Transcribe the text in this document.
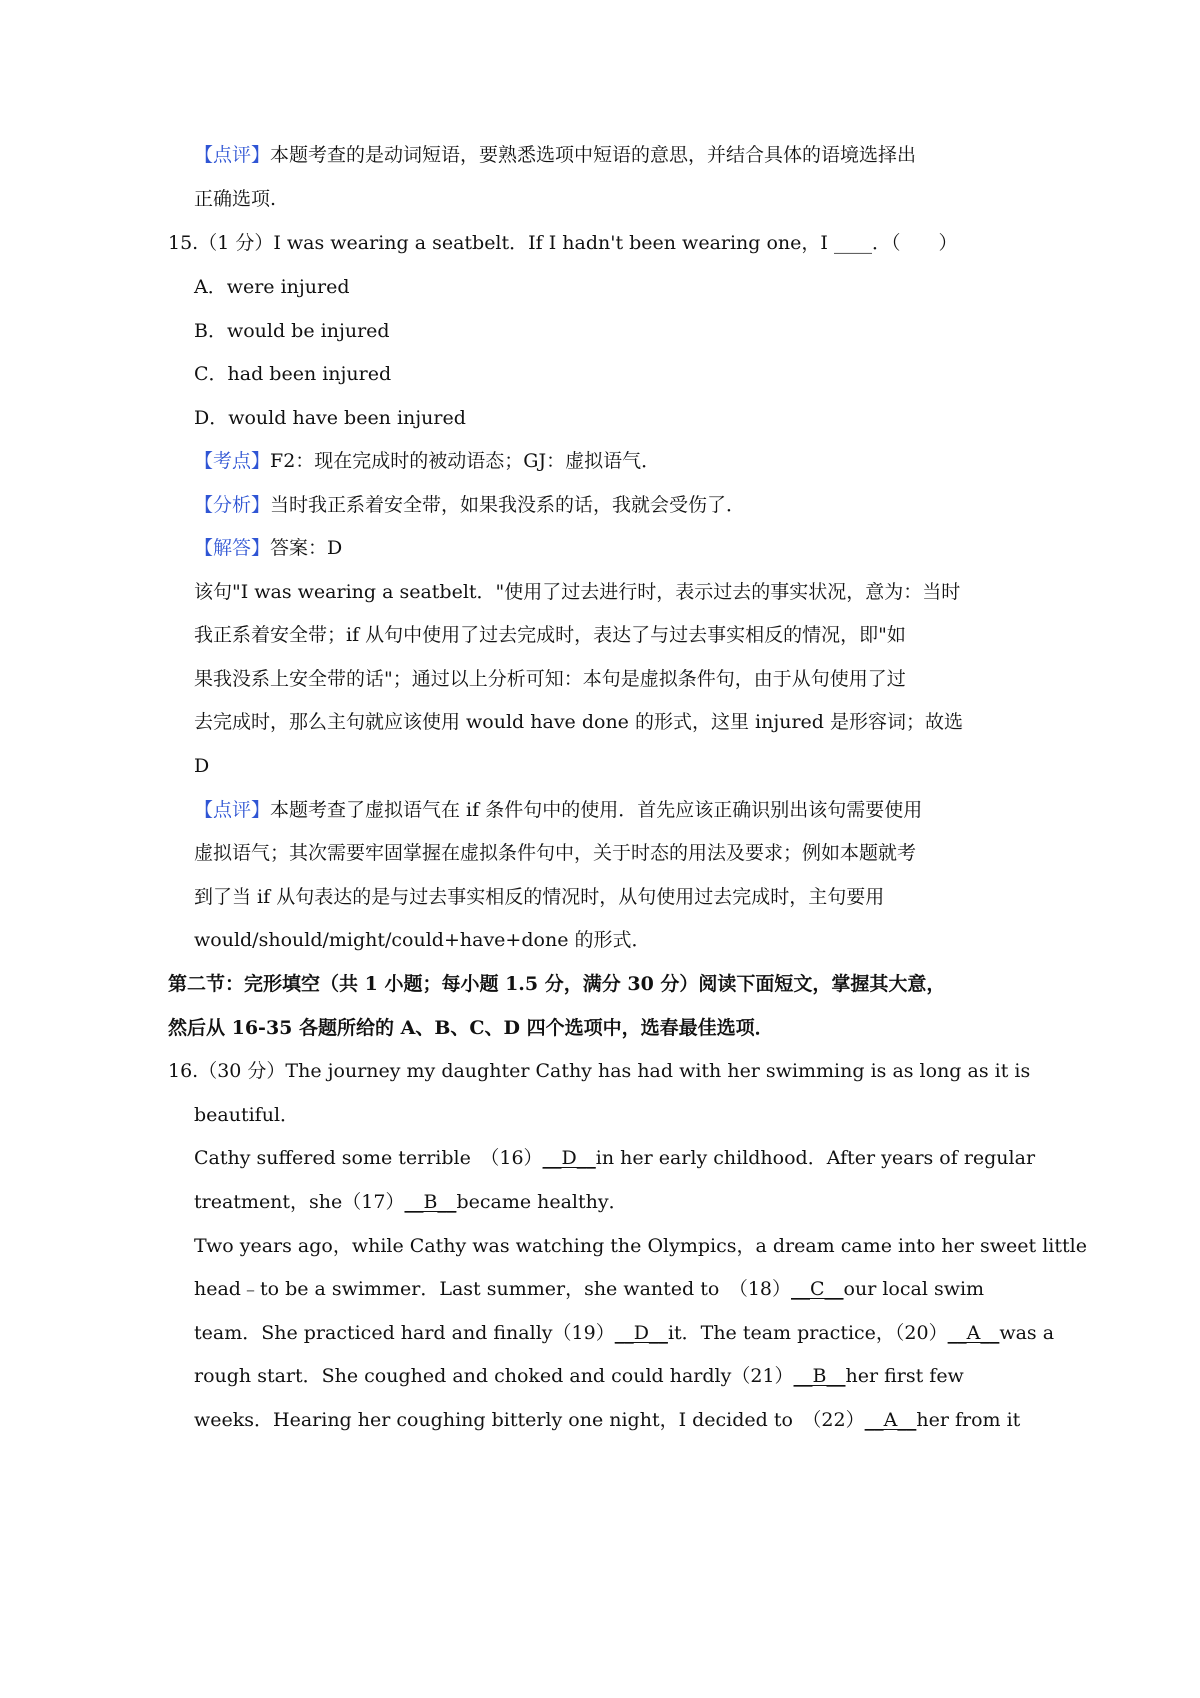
【点评】本题考查的是动词短语，要熟悉选项中短语的意思，并结合具体的语境选择出
正确选项.
15.（1 分）I was wearing a seatbelt．If I hadn't been wearing one，I ____．（　　）
A．were injured
B．would be injured
C．had been injured
D．would have been injured
【考点】F2：现在完成时的被动语态；GJ：虚拟语气．
【分析】当时我正系着安全带，如果我没系的话，我就会受伤了．
【解答】答案：D
该句"I was wearing a seatbelt．"使用了过去进行时，表示过去的事实状况，意为：当时
我正系着安全带；if 从句中使用了过去完成时，表达了与过去事实相反的情况，即"如
果我没系上安全带的话"；通过以上分析可知：本句是虚拟条件句，由于从句使用了过
去完成时，那么主句就应该使用 would have done 的形式，这里 injured 是形容词；故选
D
【点评】本题考查了虚拟语气在 if 条件句中的使用．首先应该正确识别出该句需要使用
虚拟语气；其次需要牢固掌握在虚拟条件句中，关于时态的用法及要求；例如本题就考
到了当 if 从句表达的是与过去事实相反的情况时，从句使用过去完成时，主句要用
would/should/might/could+have+done 的形式．
第二节：完形填空（共 1 小题；每小题 1.5 分，满分 30 分）阅读下面短文，掌握其大意，
然后从 16-35 各题所给的 A、B、C、D 四个选项中，选春最佳选项．
16.（30 分）The journey my daughter Cathy has had with her swimming is as long as it is
beautiful．
Cathy suffered some terrible　（16）__D__in her early childhood．After years of regular
treatment，she（17）__B__became healthy．
Two years ago，while Cathy was watching the Olympics，a dream came into her sweet little
head﹣to be a swimmer．Last summer，she wanted to　（18）__C__our local swim
team．She practiced hard and finally（19）__D__it．The team practice，（20）__A__was a
rough start．She coughed and choked and could hardly（21）__B__her first few
weeks．Hearing her coughing bitterly one night，I decided to　（22）__A__her from it
